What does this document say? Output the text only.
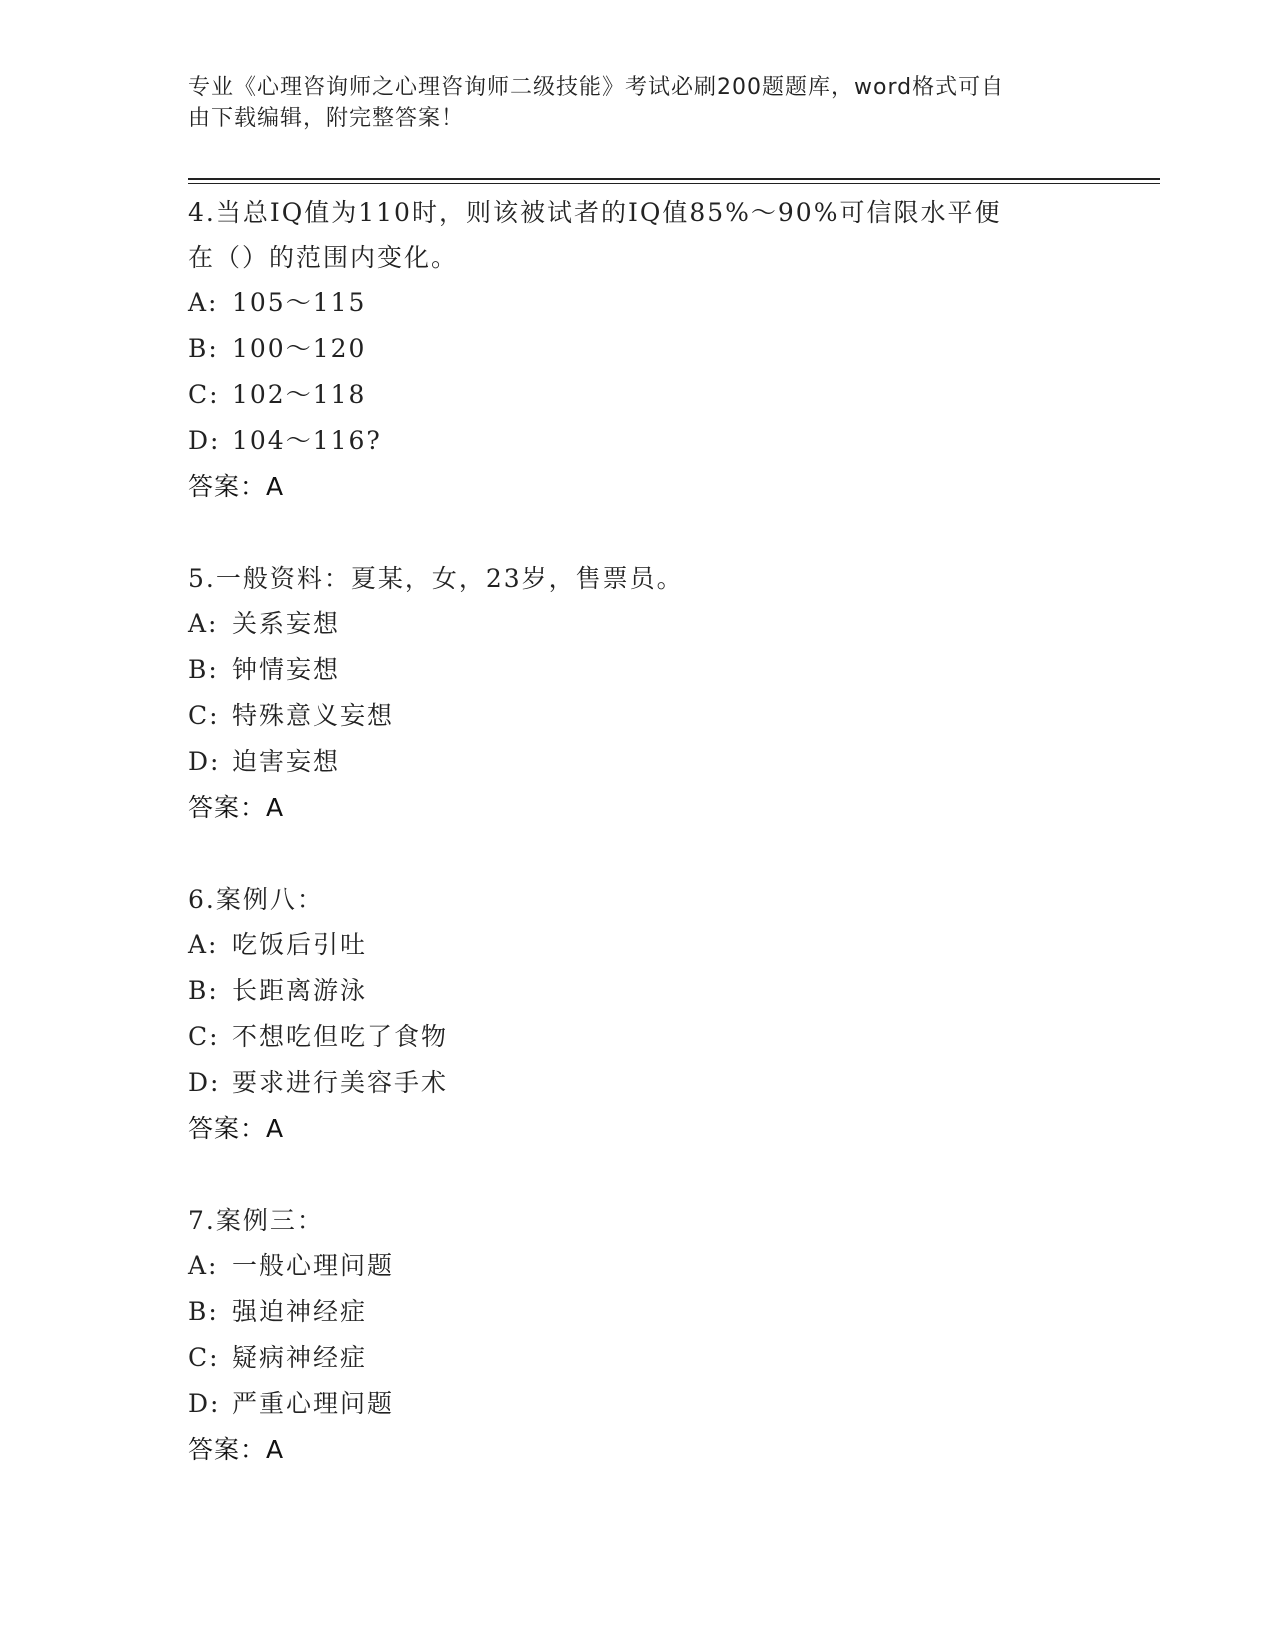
专业《心理咨询师之心理咨询师二级技能》考试必刷200题题库，word格式可自
由下载编辑，附完整答案！
4.当总IQ值为110时，则该被试者的IQ值85%～90%可信限水平便
在（）的范围内变化。
A: 105～115
B: 100～120
C: 102～118
D: 104～116?
答案：A
5.一般资料：夏某，女，23岁，售票员。
A: 关系妄想
B: 钟情妄想
C: 特殊意义妄想
D: 迫害妄想
答案：A
6.案例八：
A: 吃饭后引吐
B: 长距离游泳
C: 不想吃但吃了食物
D: 要求进行美容手术
答案：A
7.案例三：
A: 一般心理问题
B: 强迫神经症
C: 疑病神经症
D: 严重心理问题
答案：A
